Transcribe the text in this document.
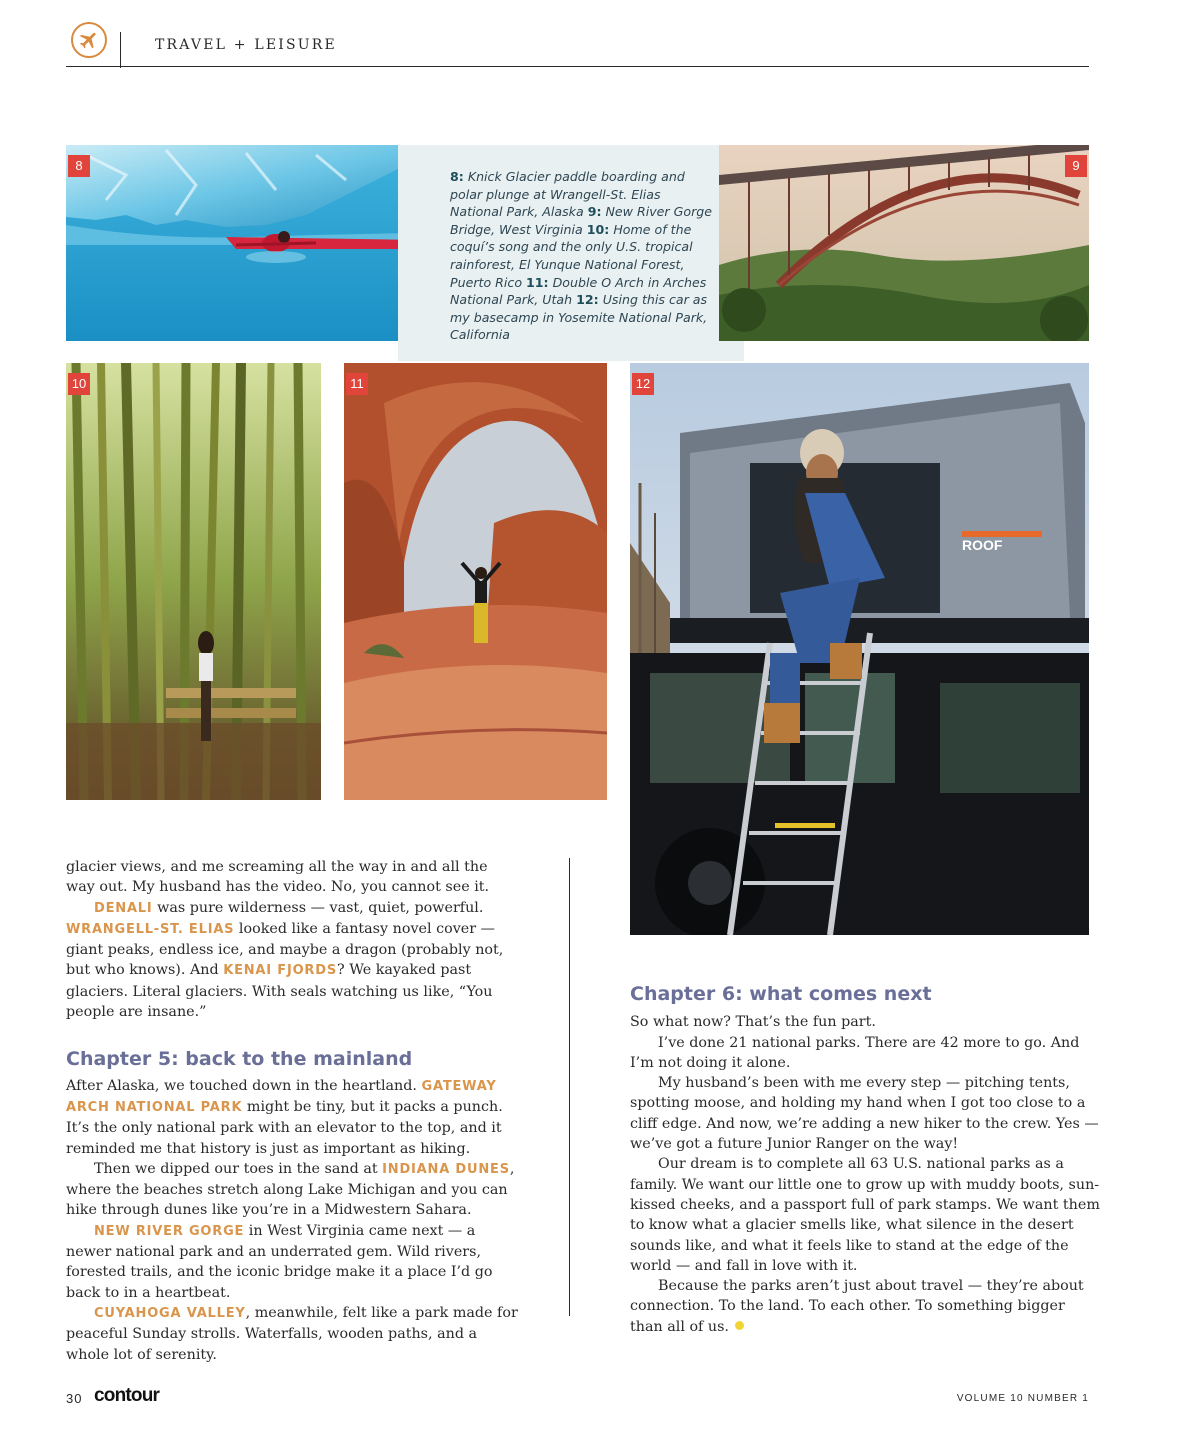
TRAVEL + LEISURE
8
8: Knick Glacier paddle boarding and polar plunge at Wrangell-St. Elias National Park, Alaska 9: New River Gorge Bridge, West Virginia 10: Home of the coquí’s song and the only U.S. tropical rainforest, El Yunque National Forest, Puerto Rico 11: Double O Arch in Arches National Park, Utah 12: Using this car as my basecamp in Yosemite National Park, California
9
10	11
ROOF
12

glacier views, and me screaming all the way in and all the way out. My husband has the video. No, you cannot see it.

DENALI was pure wilderness — vast, quiet, powerful.

WRANGELL-ST. ELIAS looked like a fantasy novel cover — giant peaks, endless ice, and maybe a dragon (probably not, but who knows). And KENAI FJORDS? We kayaked past glaciers. Literal glaciers. With seals watching us like, “You people are insane.”

Chapter 5: back to the mainland

After Alaska, we touched down in the heartland. GATEWAY ARCH NATIONAL PARK might be tiny, but it packs a punch. It’s the only national park with an elevator to the top, and it reminded me that history is just as important as hiking.

Then we dipped our toes in the sand at INDIANA DUNES, where the beaches stretch along Lake Michigan and you can hike through dunes like you’re in a Midwestern Sahara.

NEW RIVER GORGE in West Virginia came next — a newer national park and an underrated gem. Wild rivers, forested trails, and the iconic bridge make it a place I’d go back to in a heartbeat.

CUYAHOGA VALLEY, meanwhile, felt like a park made for peaceful Sunday strolls. Waterfalls, wooden paths, and a whole lot of serenity.

Chapter 6: what comes next

So what now? That’s the fun part.

I’ve done 21 national parks. There are 42 more to go. And I’m not doing it alone.

My husband’s been with me every step — pitching tents, spotting moose, and holding my hand when I got too close to a cliff edge. And now, we’re adding a new hiker to the crew. Yes — we’ve got a future Junior Ranger on the way!

Our dream is to complete all 63 U.S. national parks as a family. We want our little one to grow up with muddy boots, sun-kissed cheeks, and a passport full of park stamps. We want them to know what a glacier smells like, what silence in the desert sounds like, and what it feels like to stand at the edge of the world — and fall in love with it.

Because the parks aren’t just about travel — they’re about connection. To the land. To each other. To something bigger than all of us.

30 contour	VOLUME 10 NUMBER 1
